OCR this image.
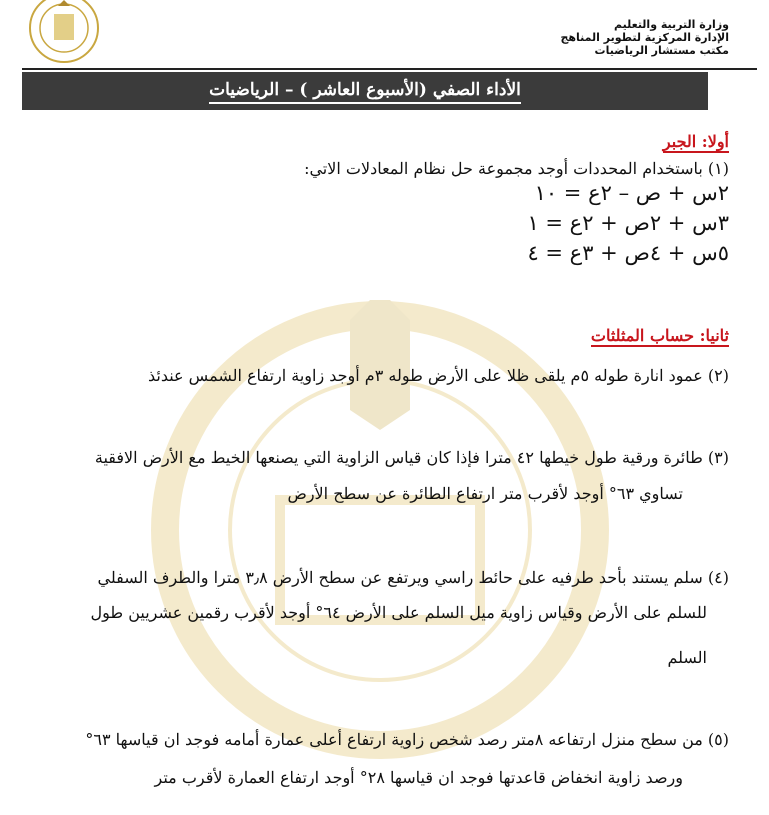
وزارة التربية والتعليم
الإدارة المركزية لتطوير المناهج
مكتب مستشار الرياضيات
الأداء الصفي (الأسبوع العاشر ) – الرياضيات
أولا: الجبر

(١) باستخدام المحددات أوجد مجموعة حل نظام المعادلات الاتي:

٢س + ص – ٢ع = ١٠
٣س + ٢ص + ٢ع = ١
٥س + ٤ص + ٣ع = ٤
ثانيا: حساب المثلثات

(٢) عمود انارة طوله ٥م يلقى ظلا على الأرض طوله ٣م أوجد زاوية ارتفاع الشمس عندئذ

(٣) طائرة ورقية طول خيطها ٤٢ مترا فإذا كان قياس الزاوية التي يصنعها الخيط مع الأرض الافقية

تساوي ٦٣° أوجد لأقرب متر ارتفاع الطائرة عن سطح الأرض

(٤) سلم يستند بأحد طرفيه على حائط راسي ويرتفع عن سطح الأرض ٣٫٨ مترا والطرف السفلي

للسلم على الأرض وقياس زاوية ميل السلم على الأرض ٦٤° أوجد لأقرب رقمين عشريين طول

السلم

(٥) من سطح منزل ارتفاعه ٨متر رصد شخص زاوية ارتفاع أعلى عمارة أمامه فوجد ان قياسها ٦٣°

ورصد زاوية انخفاض قاعدتها فوجد ان قياسها ٢٨° أوجد ارتفاع العمارة لأقرب متر
